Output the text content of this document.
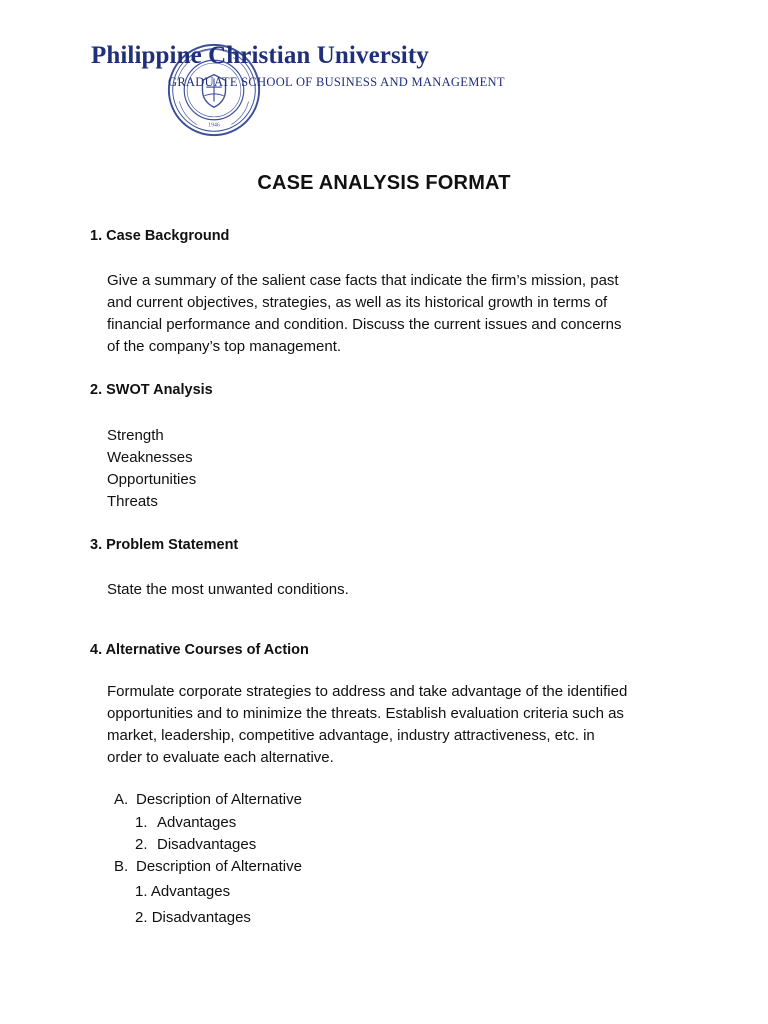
1946
Philippine Christian University
GRADUATE SCHOOL OF BUSINESS AND MANAGEMENT
CASE ANALYSIS FORMAT
1. Case Background
Give a summary of the salient case facts that indicate the firm’s mission, past
and current objectives, strategies, as well as its historical growth in terms of
financial performance and condition. Discuss the current issues and concerns
of the company’s top management.
2. SWOT Analysis
Strength
Weaknesses
Opportunities
Threats
3. Problem Statement
State the most unwanted conditions.
4. Alternative Courses of Action
Formulate corporate strategies to address and take advantage of the identified
opportunities and to minimize the threats. Establish evaluation criteria such as
market, leadership, competitive advantage, industry attractiveness, etc. in
order to evaluate each alternative.
A. Description of Alternative
1. Advantages
2. Disadvantages
B. Description of Alternative
1. Advantages
2. Disadvantages
